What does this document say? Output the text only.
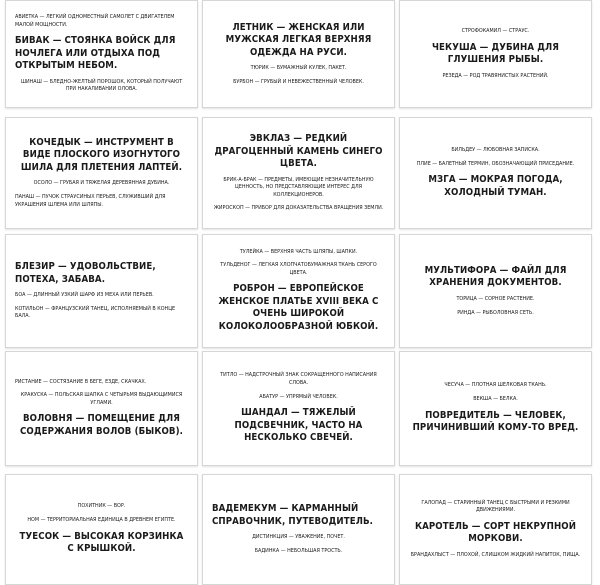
АВИЕТКА — ЛЕГКИЙ ОДНОМЕСТНЫЙ САМОЛЕТ С ДВИГАТЕЛЕМ МАЛОЙ МОЩНОСТИ.

БИВАК — СТОЯНКА ВОЙСК ДЛЯ НОЧЛЕГА ИЛИ ОТДЫХА ПОД ОТКРЫТЫМ НЕБОМ.

ШИНАШ — БЛЕДНО-ЖЕЛТЫЙ ПОРОШОК, КОТОРЫЙ ПОЛУЧАЮТ ПРИ НАКАЛИВАНИИ ОЛОВА.

ЛЕТНИК — ЖЕНСКАЯ ИЛИ МУЖСКАЯ ЛЕГКАЯ ВЕРХНЯЯ ОДЕЖДА НА РУСИ.

ТЮРИК — БУМАЖНЫЙ КУЛЕК, ПАКЕТ.

БУРБОН — ГРУБЫЙ И НЕВЕЖЕСТВЕННЫЙ ЧЕЛОВЕК.

СТРОФОКАМИЛ — СТРАУС.

ЧЕКУША — ДУБИНА ДЛЯ ГЛУШЕНИЯ РЫБЫ.

РЕЗЕДА — РОД ТРАВЯНИСТЫХ РАСТЕНИЙ.

КОЧЕДЫК — ИНСТРУМЕНТ В ВИДЕ ПЛОСКОГО ИЗОГНУТОГО ШИЛА ДЛЯ ПЛЕТЕНИЯ ЛАПТЕЙ.

ОСОЛО — ГРУБАЯ И ТЯЖЕЛАЯ ДЕРЕВЯННАЯ ДУБИНА.

ПАНАШ — ПУЧОК СТРАУСИНЫХ ПЕРЬЕВ, СЛУЖИВШИЙ ДЛЯ УКРАШЕНИЯ ШЛЕМА ИЛИ ШЛЯПЫ.

ЭВКЛАЗ — РЕДКИЙ ДРАГОЦЕННЫЙ КАМЕНЬ СИНЕГО ЦВЕТА.

БРИК-А-БРАК — ПРЕДМЕТЫ, ИМЕЮЩИЕ НЕЗНАЧИТЕЛЬНУЮ ЦЕННОСТЬ, НО ПРЕДСТАВЛЯЮЩИЕ ИНТЕРЕС ДЛЯ КОЛЛЕКЦИОНЕРОВ.

ЖИРОСКОП — ПРИБОР ДЛЯ ДОКАЗАТЕЛЬСТВА ВРАЩЕНИЯ ЗЕМЛИ.

БИЛЬДЕУ — ЛЮБОВНАЯ ЗАПИСКА.

ПЛИЕ — БАЛЕТНЫЙ ТЕРМИН, ОБОЗНАЧАЮЩИЙ ПРИСЕДАНИЕ.

МЗГА — МОКРАЯ ПОГОДА, ХОЛОДНЫЙ ТУМАН.

БЛЕЗИР — УДОВОЛЬСТВИЕ, ПОТЕХА, ЗАБАВА.

БОА — ДЛИННЫЙ УЗКИЙ ШАРФ ИЗ МЕХА ИЛИ ПЕРЬЕВ.

КОТИЛЬОН — ФРАНЦУЗСКИЙ ТАНЕЦ, ИСПОЛНЯЕМЫЙ В КОНЦЕ БАЛА.

ТУЛЕЙКА — ВЕРХНЯЯ ЧАСТЬ ШЛЯПЫ, ШАПКИ.

ТУЛЬДЕНОГ — ЛЕГКАЯ ХЛОПЧАТОБУМАЖНАЯ ТКАНЬ СЕРОГО ЦВЕТА.

РОБРОН — ЕВРОПЕЙСКОЕ ЖЕНСКОЕ ПЛАТЬЕ XVIII ВЕКА С ОЧЕНЬ ШИРОКОЙ КОЛОКОЛООБРАЗНОЙ ЮБКОЙ.

МУЛЬТИФОРА — ФАЙЛ ДЛЯ ХРАНЕНИЯ ДОКУМЕНТОВ.

ТОРИЦА — СОРНОЕ РАСТЕНИЕ.

РИНДА — РЫБОЛОВНАЯ СЕТЬ.

РИСТАНИЕ — СОСТЯЗАНИЕ В БЕГЕ, ЕЗДЕ, СКАЧКАХ.

КРАКУСКА — ПОЛЬСКАЯ ШАПКА С ЧЕТЫРЬМЯ ВЫДАЮЩИМИСЯ УГЛАМИ.

ВОЛОВНЯ — ПОМЕЩЕНИЕ ДЛЯ СОДЕРЖАНИЯ ВОЛОВ (БЫКОВ).

ТИТЛО — НАДСТРОЧНЫЙ ЗНАК СОКРАЩЕННОГО НАПИСАНИЯ СЛОВА.

АБАТУР — УПРЯМЫЙ ЧЕЛОВЕК.

ШАНДАЛ — ТЯЖЕЛЫЙ ПОДСВЕЧНИК, ЧАСТО НА НЕСКОЛЬКО СВЕЧЕЙ.

ЧЕСУЧА — ПЛОТНАЯ ШЕЛКОВАЯ ТКАНЬ.

ВЕКША — БЕЛКА.

ПОВРЕДИТЕЛЬ — ЧЕЛОВЕК, ПРИЧИНИВШИЙ КОМУ-ТО ВРЕД.

ПОХИТНИК — ВОР.

НОМ — ТЕРРИТОРИАЛЬНАЯ ЕДИНИЦА В ДРЕВНЕМ ЕГИПТЕ.

ТУЕСОК — ВЫСОКАЯ КОРЗИНКА С КРЫШКОЙ.

ВАДЕМЕКУМ — КАРМАННЫЙ СПРАВОЧНИК, ПУТЕВОДИТЕЛЬ.

ДИСТИНКЦИЯ — УВАЖЕНИЕ, ПОЧЕТ.

БАДИНКА — НЕБОЛЬШАЯ ТРОСТЬ.

ГАЛОПАД — СТАРИННЫЙ ТАНЕЦ С БЫСТРЫМИ И РЕЗКИМИ ДВИЖЕНИЯМИ.

КАРОТЕЛЬ — СОРТ НЕКРУПНОЙ МОРКОВИ.

БРАНДАХЛЫСТ — ПЛОХОЙ, СЛИШКОМ ЖИДКИЙ НАПИТОК, ПИЩА.
